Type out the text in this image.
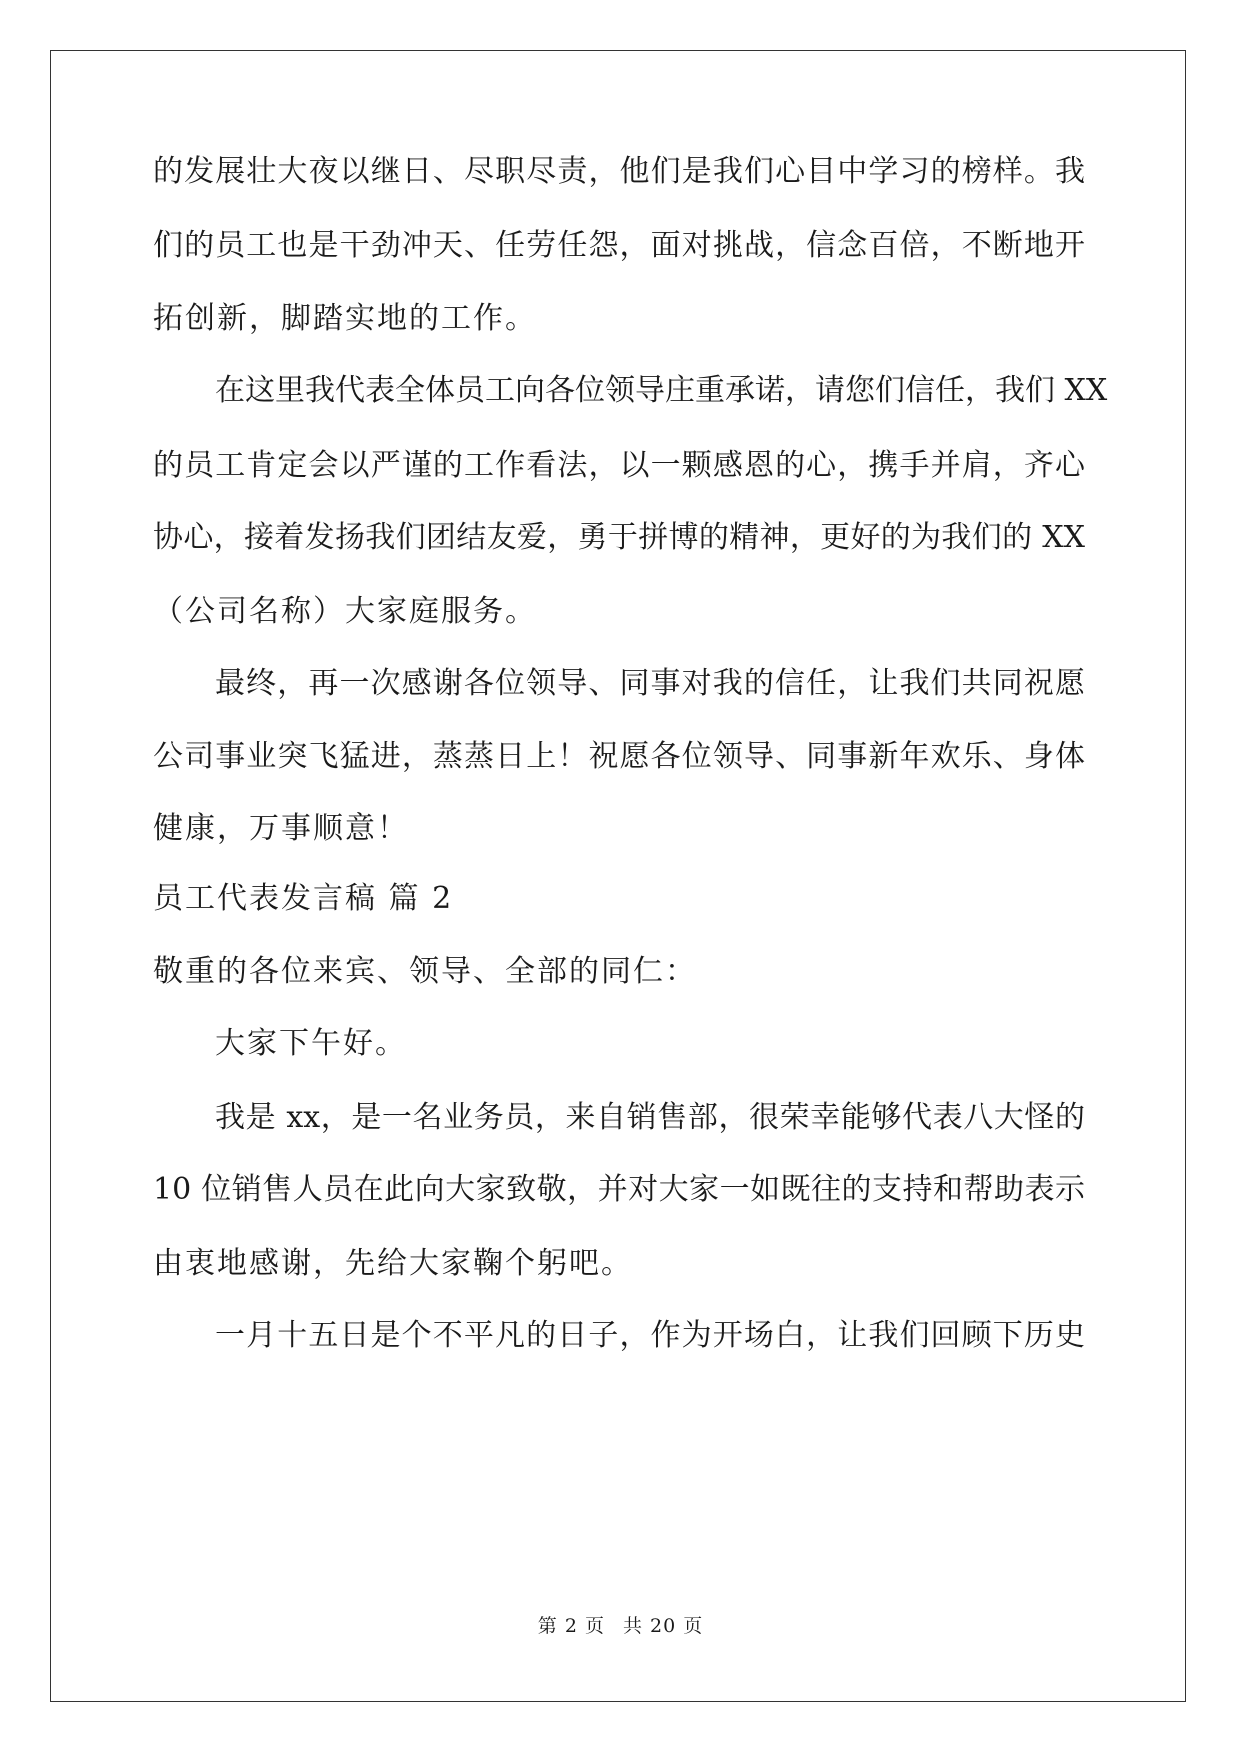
的发展壮大夜以继日、尽职尽责，他们是我们心目中学习的榜样。我
们的员工也是干劲冲天、任劳任怨，面对挑战，信念百倍，不断地开
拓创新，脚踏实地的工作。
在这里我代表全体员工向各位领导庄重承诺，请您们信任，我们 XX
的员工肯定会以严谨的工作看法，以一颗感恩的心，携手并肩，齐心
协心，接着发扬我们团结友爱，勇于拼博的精神，更好的为我们的 XX
（公司名称）大家庭服务。
最终，再一次感谢各位领导、同事对我的信任，让我们共同祝愿
公司事业突飞猛进，蒸蒸日上！祝愿各位领导、同事新年欢乐、身体
健康，万事顺意！
员工代表发言稿 篇 2
敬重的各位来宾、领导、全部的同仁：
大家下午好。
我是 xx，是一名业务员，来自销售部，很荣幸能够代表八大怪的
10 位销售人员在此向大家致敬，并对大家一如既往的支持和帮助表示
由衷地感谢，先给大家鞠个躬吧。
一月十五日是个不平凡的日子，作为开场白，让我们回顾下历史
第 2 页 共 20 页
